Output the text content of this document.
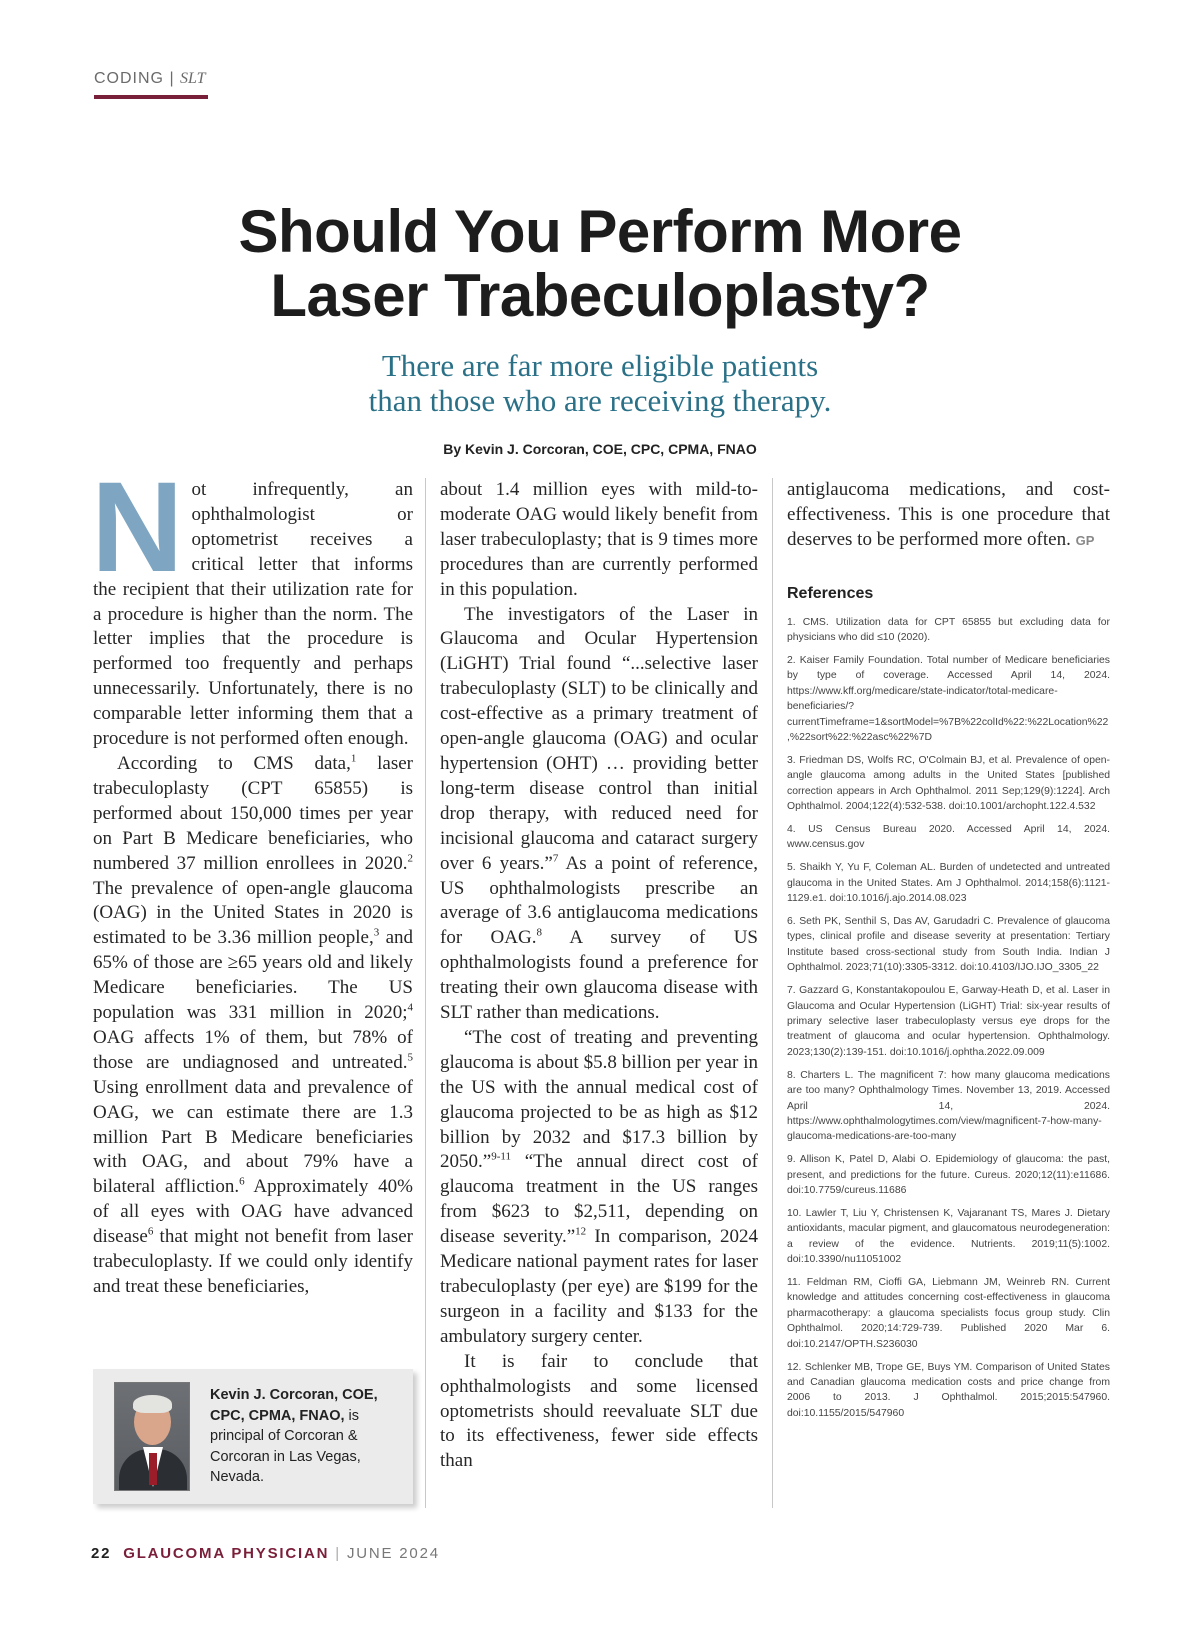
CODING | SLT
Should You Perform More
Laser Trabeculoplasty?
There are far more eligible patients
than those who are receiving therapy.
By Kevin J. Corcoran, COE, CPC, CPMA, FNAO

Not infrequently, an ophthalmologist or optometrist receives a critical letter that informs the recipient that their utilization rate for a procedure is higher than the norm. The letter implies that the procedure is performed too frequently and perhaps unnecessarily. Unfortunately, there is no comparable letter informing them that a procedure is not performed often enough.

According to CMS data,$^1$ laser trabeculoplasty (CPT 65855) is performed about 150,000 times per year on Part B Medicare beneficiaries, who numbered 37 million enrollees in 2020.$^2$ The prevalence of open-angle glaucoma (OAG) in the United States in 2020 is estimated to be 3.36 million people,$^3$ and 65% of those are ≥65 years old and likely Medicare beneficiaries. The US population was 331 million in 2020;$^4$ OAG affects 1% of them, but 78% of those are undiagnosed and untreated.$^5$ Using enrollment data and prevalence of OAG, we can estimate there are 1.3 million Part B Medicare beneficiaries with OAG, and about 79% have a bilateral affliction.$^6$ Approximately 40% of all eyes with OAG have advanced disease$^6$ that might not benefit from laser trabeculoplasty. If we could only identify and treat these beneficiaries,

about 1.4 million eyes with mild-to-moderate OAG would likely benefit from laser trabeculoplasty; that is 9 times more procedures than are currently performed in this population.

The investigators of the Laser in Glaucoma and Ocular Hypertension (LiGHT) Trial found “...selective laser trabeculoplasty (SLT) to be clinically and cost-effective as a primary treatment of open-angle glaucoma (OAG) and ocular hypertension (OHT) … providing better long-term disease control than initial drop therapy, with reduced need for incisional glaucoma and cataract surgery over 6 years.”$^7$ As a point of reference, US ophthalmologists prescribe an average of 3.6 antiglaucoma medications for OAG.$^8$ A survey of US ophthalmologists found a preference for treating their own glaucoma disease with SLT rather than medications.

“The cost of treating and preventing glaucoma is about $5.8 billion per year in the US with the annual medical cost of glaucoma projected to be as high as $12 billion by 2032 and $17.3 billion by 2050.”$^{9-11}$ “The annual direct cost of glaucoma treatment in the US ranges from $623 to $2,511, depending on disease severity.”$^{12}$ In comparison, 2024 Medicare national payment rates for laser trabeculoplasty (per eye) are $199 for the surgeon in a facility and $133 for the ambulatory surgery center.

It is fair to conclude that ophthalmologists and some licensed optometrists should reevaluate SLT due to its effectiveness, fewer side effects than

antiglaucoma medications, and cost-effectiveness. This is one procedure that deserves to be performed more often. GP

References
1. CMS. Utilization data for CPT 65855 but excluding data for physicians who did ≤10 (2020).
2. Kaiser Family Foundation. Total number of Medicare beneficiaries by type of coverage. Accessed April 14, 2024. https://www.kff.org/medicare/state-indicator/total-medicare-beneficiaries/?currentTimeframe=1&sortModel=%7B%22colId%22:%22Location%22,%22sort%22:%22asc%22%7D
3. Friedman DS, Wolfs RC, O'Colmain BJ, et al. Prevalence of open-angle glaucoma among adults in the United States [published correction appears in Arch Ophthalmol. 2011 Sep;129(9):1224]. Arch Ophthalmol. 2004;122(4):532-538. doi:10.1001/archopht.122.4.532
4. US Census Bureau 2020. Accessed April 14, 2024. www.census.gov
5. Shaikh Y, Yu F, Coleman AL. Burden of undetected and untreated glaucoma in the United States. Am J Ophthalmol. 2014;158(6):1121-1129.e1. doi:10.1016/j.ajo.2014.08.023
6. Seth PK, Senthil S, Das AV, Garudadri C. Prevalence of glaucoma types, clinical profile and disease severity at presentation: Tertiary Institute based cross-sectional study from South India. Indian J Ophthalmol. 2023;71(10):3305-3312. doi:10.4103/IJO.IJO_3305_22
7. Gazzard G, Konstantakopoulou E, Garway-Heath D, et al. Laser in Glaucoma and Ocular Hypertension (LiGHT) Trial: six-year results of primary selective laser trabeculoplasty versus eye drops for the treatment of glaucoma and ocular hypertension. Ophthalmology. 2023;130(2):139-151. doi:10.1016/j.ophtha.2022.09.009
8. Charters L. The magnificent 7: how many glaucoma medications are too many? Ophthalmology Times. November 13, 2019. Accessed April 14, 2024. https://www.ophthalmologytimes.com/view/magnificent-7-how-many-glaucoma-medications-are-too-many
9. Allison K, Patel D, Alabi O. Epidemiology of glaucoma: the past, present, and predictions for the future. Cureus. 2020;12(11):e11686. doi:10.7759/cureus.11686
10. Lawler T, Liu Y, Christensen K, Vajaranant TS, Mares J. Dietary antioxidants, macular pigment, and glaucomatous neurodegeneration: a review of the evidence. Nutrients. 2019;11(5):1002. doi:10.3390/nu11051002
11. Feldman RM, Cioffi GA, Liebmann JM, Weinreb RN. Current knowledge and attitudes concerning cost-effectiveness in glaucoma pharmacotherapy: a glaucoma specialists focus group study. Clin Ophthalmol. 2020;14:729-739. Published 2020 Mar 6. doi:10.2147/OPTH.S236030
12. Schlenker MB, Trope GE, Buys YM. Comparison of United States and Canadian glaucoma medication costs and price change from 2006 to 2013. J Ophthalmol. 2015;2015:547960. doi:10.1155/2015/547960
Kevin J. Corcoran, COE, CPC, CPMA, FNAO, is principal of Corcoran & Corcoran in Las Vegas, Nevada.
22 GLAUCOMA PHYSICIAN | JUNE 2024
